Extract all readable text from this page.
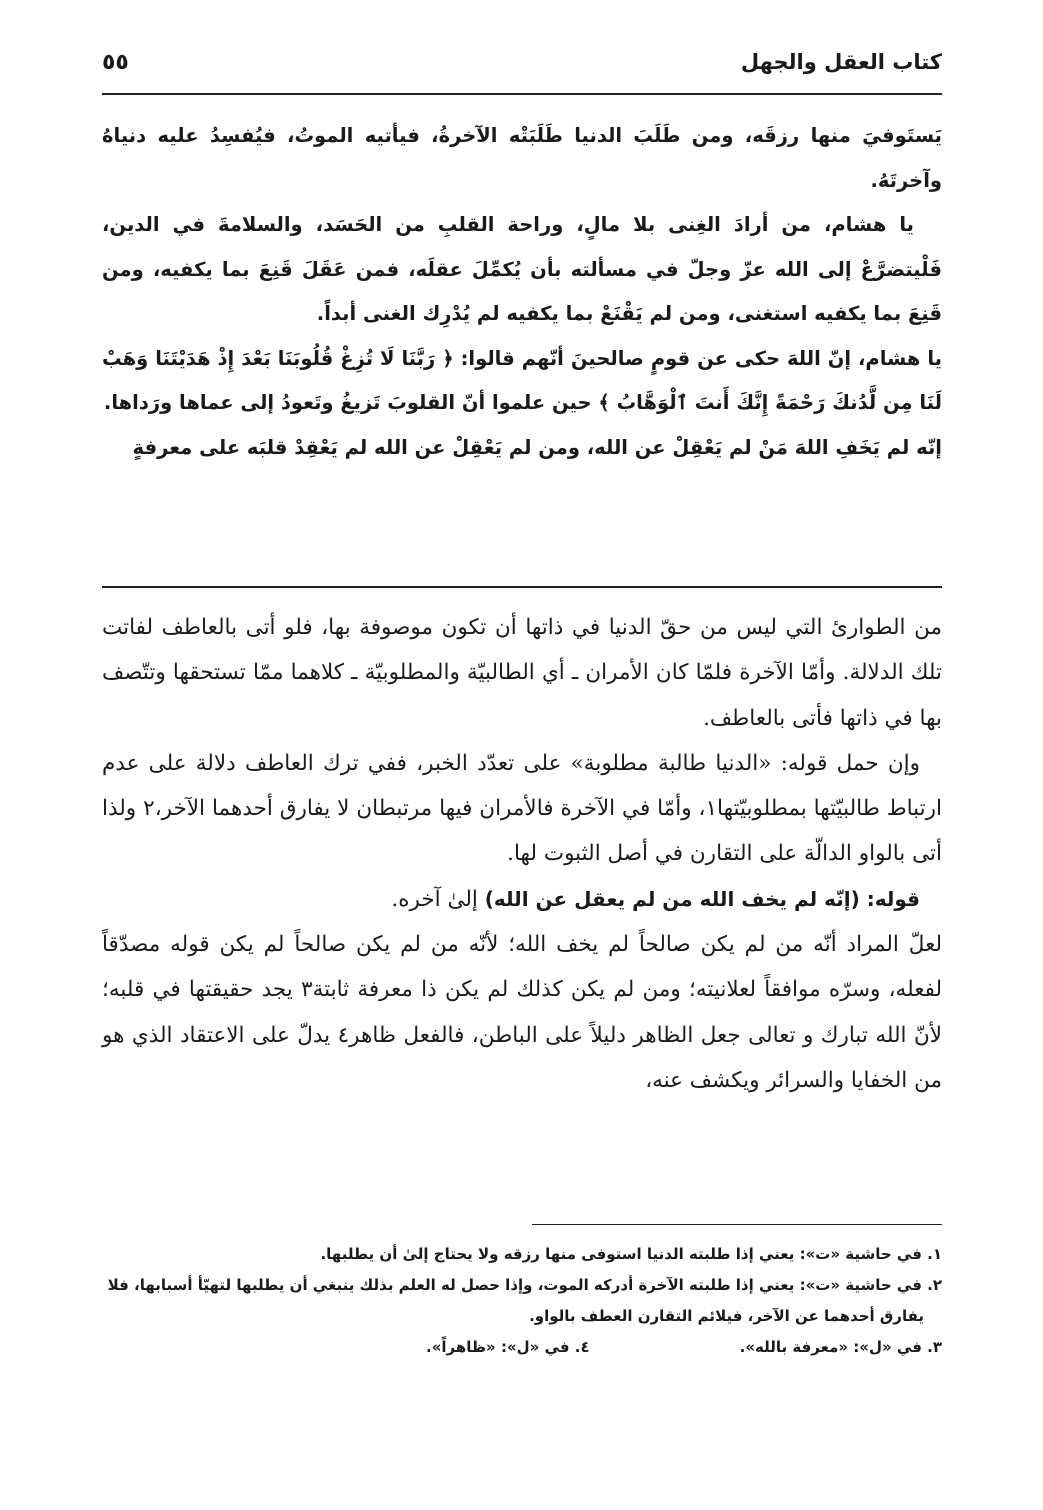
كتاب العقل والجهل
٥٥

يَستَوفيَ منها رزقَه، ومن طَلَبَ الدنيا طَلَبَتْه الآخرةُ، فيأتيه الموتُ، فيُفسِدُ عليه دنياهُ وآخرتَهُ.

يا هشام، من أرادَ الغِنى بلا مالٍ، وراحة القلبِ من الحَسَد، والسلامةَ في الدين، فَلْيتضرَّعْ إلى الله عزّ وجلّ في مسألته بأن يُكمِّلَ عقلَه، فمن عَقَلَ قَنِعَ بما يكفيه، ومن قَنِعَ بما يكفيه استغنى، ومن لم يَقْنَعْ بما يكفيه لم يُدْرِك الغنى أبداً.

يا هشام، إنّ اللهَ حكى عن قومٍ صالحينَ أنّهم قالوا: ﴿ رَبَّنَا لَا تُزِغْ قُلُوبَنَا بَعْدَ إِذْ هَدَيْتَنَا وَهَبْ لَنَا مِن لَّدُنكَ رَحْمَةً إِنَّكَ أَنتَ ٱلْوَهَّابُ ﴾ حين علموا أنّ القلوبَ تَزيغُ وتَعودُ إلى عماها ورَداها.

إنّه لم يَخَفِ اللهَ مَنْ لم يَعْقِلْ عن الله، ومن لم يَعْقِلْ عن الله لم يَعْقِدْ قلبَه على معرفةٍ

من الطوارئ التي ليس من حقّ الدنيا في ذاتها أن تكون موصوفة بها، فلو أتى بالعاطف لفاتت تلك الدلالة. وأمّا الآخرة فلمّا كان الأمران ـ أي الطالبيّة والمطلوبيّة ـ كلاهما ممّا تستحقها وتتّصف بها في ذاتها فأتى بالعاطف.

وإن حمل قوله: «الدنيا طالبة مطلوبة» على تعدّد الخبر، ففي ترك العاطف دلالة على عدم ارتباط طالبيّتها بمطلوبيّتها١، وأمّا في الآخرة فالأمران فيها مرتبطان لا يفارق أحدهما الآخر،٢ ولذا أتى بالواو الدالّة على التقارن في أصل الثبوت لها.

قوله: (إنّه لم يخف الله من لم يعقل عن الله) إلىٰ آخره.

لعلّ المراد أنّه من لم يكن صالحاً لم يخف الله؛ لأنّه من لم يكن صالحاً لم يكن قوله مصدّقاً لفعله، وسرّه موافقاً لعلانيته؛ ومن لم يكن كذلك لم يكن ذا معرفة ثابتة٣ يجد حقيقتها في قلبه؛ لأنّ الله تبارك و تعالى جعل الظاهر دليلاً على الباطن، فالفعل ظاهر٤ يدلّ على الاعتقاد الذي هو من الخفايا والسرائر ويكشف عنه،

١. في حاشية «ت»: يعني إذا طلبته الدنيا استوفى منها رزقه ولا يحتاج إلىٰ أن يطلبها.

٢. في حاشية «ت»: يعني إذا طلبته الآخرة أدركه الموت، وإذا حصل له العلم بذلك ينبغي أن يطلبها لتهيّأ أسبابها، فلا يفارق أحدهما عن الآخر، فيلائم التقارن العطف بالواو.

٣. في «ل»: «معرفة بالله».
٤. في «ل»: «ظاهراً».
